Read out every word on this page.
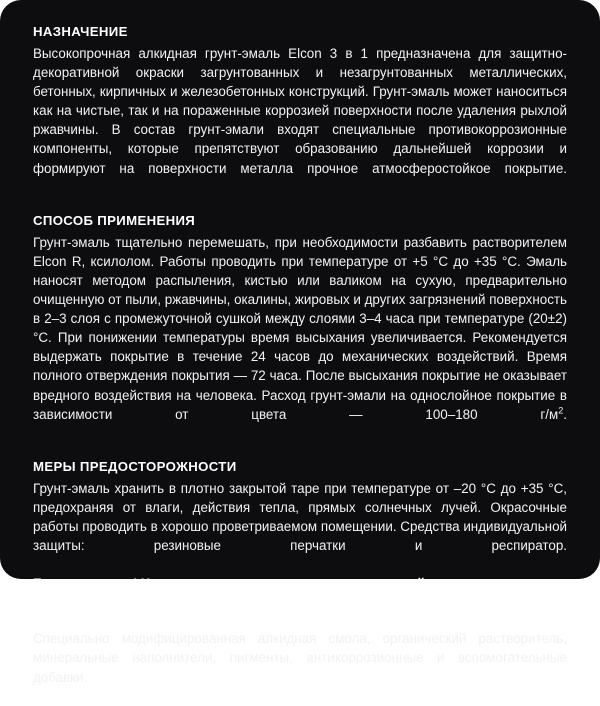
НАЗНАЧЕНИЕ

Высокопрочная алкидная грунт-эмаль Elcon 3 в 1 предназначена для защитно-декоративной окраски загрунтованных и незагрунтованных металлических, бетонных, кирпичных и железобетонных конструкций. Грунт-эмаль может наноситься как на чистые, так и на пораженные коррозией поверхности после удаления рыхлой ржавчины. В состав грунт-эмали входят специальные противокоррозионные компоненты, которые препятствуют образованию дальнейшей коррозии и формируют на поверхности металла прочное атмосферостойкое покрытие.

СПОСОБ ПРИМЕНЕНИЯ

Грунт-эмаль тщательно перемешать, при необходимости разбавить растворителем Elcon R, ксилолом. Работы проводить при температуре от +5 °С до +35 °С. Эмаль наносят методом распыления, кистью или валиком на сухую, предварительно очищенную от пыли, ржавчины, окалины, жировых и других загрязнений поверхность в 2–3 слоя с промежуточной сушкой между слоями 3–4 часа при температуре (20±2) °С. При понижении температуры время высыхания увеличивается. Рекомендуется выдержать покрытие в течение 24 часов до механических воздействий. Время полного отверждения покрытия — 72 часа. После высыхания покрытие не оказывает вредного воздействия на человека. Расход грунт-эмали на однослойное покрытие в зависимости от цвета — 100–180 $г/м^2$.

МЕРЫ ПРЕДОСТОРОЖНОСТИ

Грунт-эмаль хранить в плотно закрытой таре при температуре от –20 °С до +35 °С, предохраняя от влаги, действия тепла, прямых солнечных лучей. Окрасочные работы проводить в хорошо проветриваемом помещении. Средства индивидуальной защиты: резиновые перчатки и респиратор.

Беречь от огня! Хранить в местах, недоступных для детей.

СОСТАВ

Специально модифицированная алкидная смола, органический растворитель, минеральные наполнители, пигменты, антикоррозионные и вспомогательные добавки.
